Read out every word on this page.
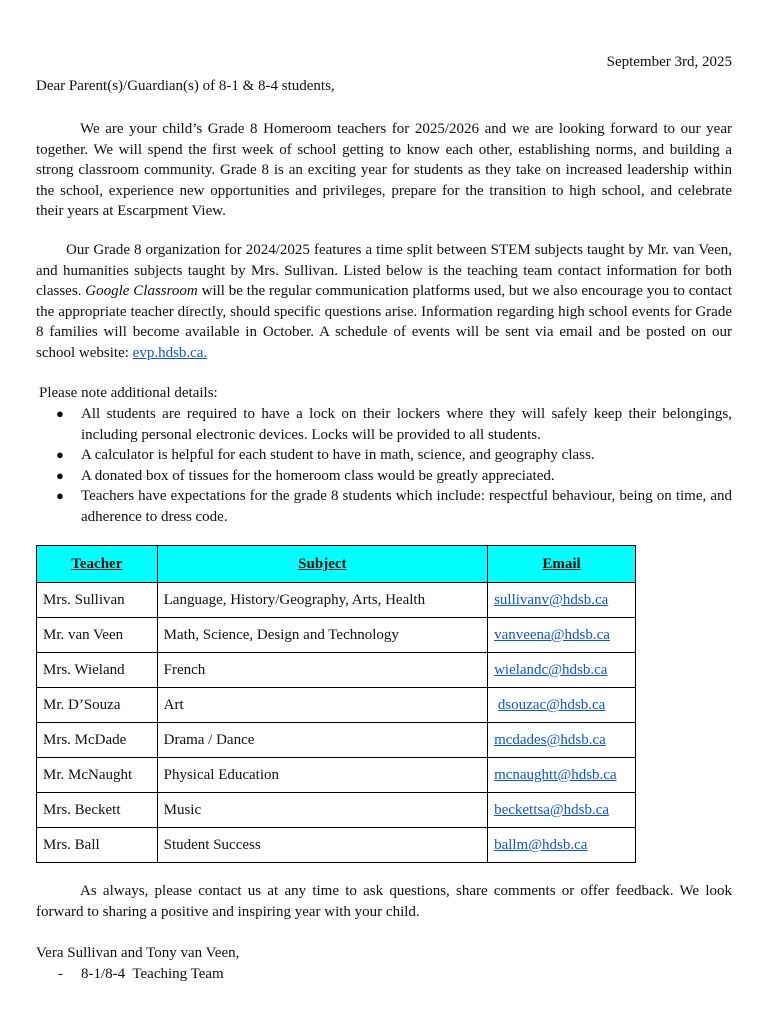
September 3rd, 2025
Dear Parent(s)/Guardian(s) of 8-1 & 8-4 students,

We are your child’s Grade 8 Homeroom teachers for 2025/2026 and we are looking forward to our year together. We will spend the first week of school getting to know each other, establishing norms, and building a strong classroom community. Grade 8 is an exciting year for students as they take on increased leadership within the school, experience new opportunities and privileges, prepare for the transition to high school, and celebrate their years at Escarpment View.

Our Grade 8 organization for 2024/2025 features a time split between STEM subjects taught by Mr. van Veen, and humanities subjects taught by Mrs. Sullivan. Listed below is the teaching team contact information for both classes. Google Classroom will be the regular communication platforms used, but we also encourage you to contact the appropriate teacher directly, should specific questions arise. Information regarding high school events for Grade 8 families will become available in October. A schedule of events will be sent via email and be posted on our school website: evp.hdsb.ca.

Please note additional details:
● All students are required to have a lock on their lockers where they will safely keep their belongings, including personal electronic devices. Locks will be provided to all students.
● A calculator is helpful for each student to have in math, science, and geography class.
● A donated box of tissues for the homeroom class would be greatly appreciated.
● Teachers have expectations for the grade 8 students which include: respectful behaviour, being on time, and adherence to dress code.
Teacher	Subject	Email
Mrs. Sullivan	Language, History/Geography, Arts, Health	sullivanv@hdsb.ca
Mr. van Veen	Math, Science, Design and Technology	vanveena@hdsb.ca
Mrs. Wieland	French	wielandc@hdsb.ca
Mr. D’Souza	Art	dsouzac@hdsb.ca
Mrs. McDade	Drama / Dance	mcdades@hdsb.ca
Mr. McNaught	Physical Education	mcnaughtt@hdsb.ca
Mrs. Beckett	Music	beckettsa@hdsb.ca
Mrs. Ball	Student Success	ballm@hdsb.ca

As always, please contact us at any time to ask questions, share comments or offer feedback. We look forward to sharing a positive and inspiring year with your child.

Vera Sullivan and Tony van Veen,
- 8-1/8-4  Teaching Team
